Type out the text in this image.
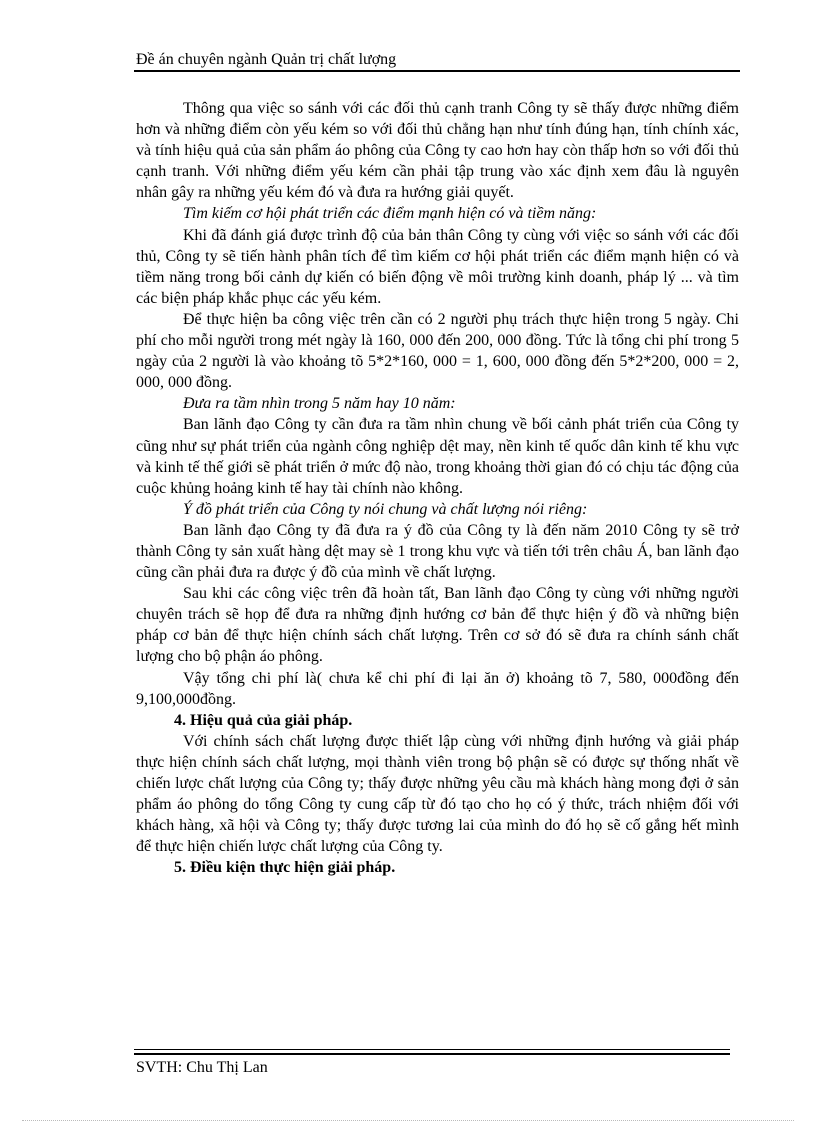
Đề án chuyên ngành Quản trị chất lượng

Thông qua việc so sánh với các đối thủ cạnh tranh Công ty sẽ thấy được những điểm hơn và những điểm còn yếu kém so với đối thủ chẳng hạn như tính đúng hạn, tính chính xác, và tính hiệu quả của sản phẩm áo phông của Công ty cao hơn hay còn thấp hơn so với đối thủ cạnh tranh. Với những điểm yếu kém cần phải tập trung vào xác định xem đâu là nguyên nhân gây ra những yếu kém đó và đưa ra hướng giải quyết.

Tìm kiếm cơ hội phát triển các điểm mạnh hiện có và tiềm năng:

Khi đã đánh giá được trình độ của bản thân Công ty cùng với việc so sánh với các đối thủ, Công ty sẽ tiến hành phân tích để tìm kiếm cơ hội phát triển các điểm mạnh hiện có và tiềm năng trong bối cảnh dự kiến có biến động về môi trường kinh doanh, pháp lý ... và tìm các biện pháp khắc phục các yếu kém.

Để thực hiện ba công việc trên cần có 2 người phụ trách thực hiện trong 5 ngày. Chi phí cho mỗi người trong mét ngày là 160, 000 đến 200, 000 đồng. Tức là tổng chi phí trong 5 ngày của 2 người là vào khoảng tõ 5*2*160, 000 = 1, 600, 000 đồng đến 5*2*200, 000 = 2, 000, 000 đồng.

Đưa ra tầm nhìn trong 5 năm hay 10 năm:

Ban lãnh đạo Công ty cần đưa ra tầm nhìn chung về bối cảnh phát triển của Công ty cũng như sự phát triển của ngành công nghiệp dệt may, nền kinh tế quốc dân kinh tế khu vực và kinh tế thế giới sẽ phát triển ở mức độ nào, trong khoảng thời gian đó có chịu tác động của cuộc khủng hoảng kinh tế hay tài chính nào không.

Ý đồ phát triển của Công ty nói chung và chất lượng nói riêng:

Ban lãnh đạo Công ty đã đưa ra ý đồ của Công ty là đến năm 2010 Công ty sẽ trở thành Công ty sản xuất hàng dệt may sè 1 trong khu vực và tiến tới trên châu Á, ban lãnh đạo cũng cần phải đưa ra được ý đồ của mình về chất lượng.

Sau khi các công việc trên đã hoàn tất, Ban lãnh đạo Công ty cùng với những người chuyên trách sẽ họp để đưa ra những định hướng cơ bản để thực hiện ý đồ và những biện pháp cơ bản để thực hiện chính sách chất lượng. Trên cơ sở đó sẽ đưa ra chính sánh chất lượng cho bộ phận áo phông.

Vậy tổng chi phí là( chưa kể chi phí đi lại ăn ở) khoảng tõ 7, 580, 000đồng đến 9,100,000đồng.

4. Hiệu quả của giải pháp.

Với chính sách chất lượng được thiết lập cùng với những định hướng và giải pháp thực hiện chính sách chất lượng, mọi thành viên trong bộ phận sẽ có được sự thống nhất về chiến lược chất lượng của Công ty; thấy được những yêu cầu mà khách hàng mong đợi ở sản phẩm áo phông do tổng Công ty cung cấp từ đó tạo cho họ có ý thức, trách nhiệm đối với khách hàng, xã hội và Công ty; thấy được tương lai của mình do đó họ sẽ cố gắng hết mình để thực hiện chiến lược chất lượng của Công ty.

5. Điều kiện thực hiện giải pháp.

SVTH: Chu Thị Lan
